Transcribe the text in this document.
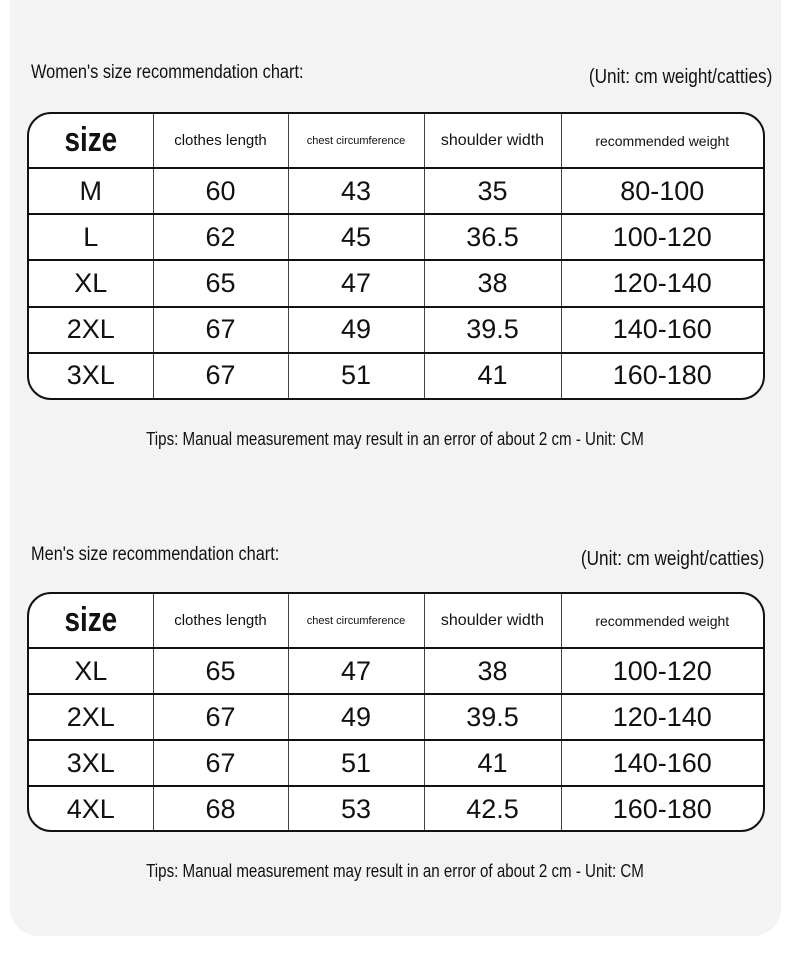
Women's size recommendation chart:	(Unit: cm weight/catties)
size	clothes length	chest circumference	shoulder width	recommended weight
M	60	43	35	80-100
L	62	45	36.5	100-120
XL	65	47	38	120-140
2XL	67	49	39.5	140-160
3XL	67	51	41	160-180
Tips: Manual measurement may result in an error of about 2 cm - Unit: CM
Men's size recommendation chart:	(Unit: cm weight/catties)
size	clothes length	chest circumference	shoulder width	recommended weight
XL	65	47	38	100-120
2XL	67	49	39.5	120-140
3XL	67	51	41	140-160
4XL	68	53	42.5	160-180
Tips: Manual measurement may result in an error of about 2 cm - Unit: CM
